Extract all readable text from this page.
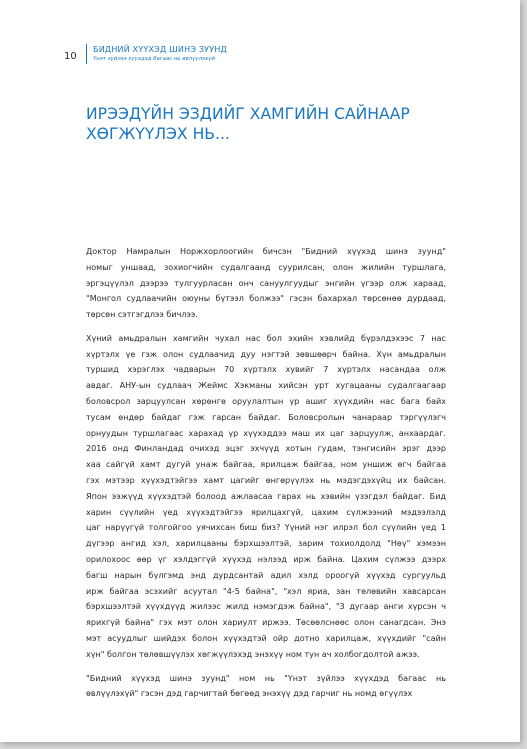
10
БИДНИЙ ХҮҮХЭД ШИНЭ ЗУУНД
Үнэт зүйлээ хүүхдэд багаас нь өвлүүлэхүй
ИРЭЭДҮЙН ЭЗДИЙГ ХАМГИЙН САЙНААР
ХӨГЖҮҮЛЭХ НЬ...
Доктор Намралын Норжхорлоогийн бичсэн "Бидний хүүхэд шинэ зуунд"
номыг уншаад, зохиогчийн судалгаанд суурилсан, олон жилийн туршлага,
эргэцүүлэл дээрээ тулгуурласан онч сануулгуудыг энгийн үгээр олж хараад,
"Монгол судлаачийн оюуны бүтээл болжээ" гэсэн бахархал төрсөнөө дурдаад,
төрсөн сэтгэгдлээ бичлээ.
Хүний амьдралын хамгийн чухал нас бол эхийн хэвлийд бүрэлдэхээс 7 нас
хүртэлх үе гэж олон судлаачид дуу нэгтэй зөвшөөрч байна. Хүн амьдралын
туршид хэрэглэх чадварын 70 хүртэлх хувийг 7 хүртэлх насандаа олж
авдаг. АНУ-ын судлаач Жеймс Хэкманы хийсэн урт хугацааны судалгаагаар
боловсрол зарцуулсан хөрөнгө оруулалтын үр ашиг хүүхдийн нас бага байх
тусам өндөр байдаг гэж гарсан байдаг. Боловсролын чанараар тэргүүлэгч
орнуудын туршлагаас харахад үр хүүхэддээ маш их цаг зарцуулж, анхаардаг.
2016 онд Финландад очихэд эцэг эхчүүд хотын гудам, тэнгисийн эрэг дээр
хаа сайгүй хамт дугуй унаж байгаа, ярилцаж байгаа, ном уншиж өгч байгаа
гэх мэтээр хүүхэдтэйгээ хамт цагийг өнгөрүүлэх нь мэдэгдэхүйц их байсан.
Япон ээжүүд хүүхэдтэй болоод ажлаасаа гарах нь хэвийн үзэгдэл байдаг. Бид
харин сүүлийн үед хүүхэдтэйгээ ярилцахгүй, цахим сүлжээний мэдээлэлд
цаг нарүүгүй толгойгоо уячихсан биш биз? Үүний нэг илрэл бол сүүлийн үед 1
дүгээр ангид хэл, харилцааны бэрхшээлтэй, зарим тохиолдолд "Нөү" хэмээн
орилохоос өөр үг хэлдэггүй хүүхэд нэлээд ирж байна. Цахим сүлжээ дээрх
багш нарын бүлгэмд энд дурдсантай адил хэлд ороогүй хүүхэд сургуульд
ирж байгаа эсэхийг асуутал "4-5 байна", "хэл яриа, зан төлөвийн хавсарсан
бэрхшээлтэй хүүхдүүд жилээс жилд нэмэгдэж байна", "3 дугаар анги хүрсэн ч
ярихгүй байна" гэх мэт олон хариулт иржээ. Төсөөлснөөс олон санагдсан. Энэ
мэт асуудлыг шийдэх болон хүүхэдтэй ойр дотно харилцаж, хүүхдийг "сайн
хүн" болгон төлөвшүүлэх хөгжүүлэхэд энэхүү ном тун ач холбогдолтой ажээ.
"Бидний хүүхэд шинэ зуунд" ном нь "Үнэт зүйлээ хүүхдэд багаас нь
өвлүүлэхүй" гэсэн дэд гарчигтай бөгөөд энэхүү дэд гарчиг нь номд өгүүлэх
